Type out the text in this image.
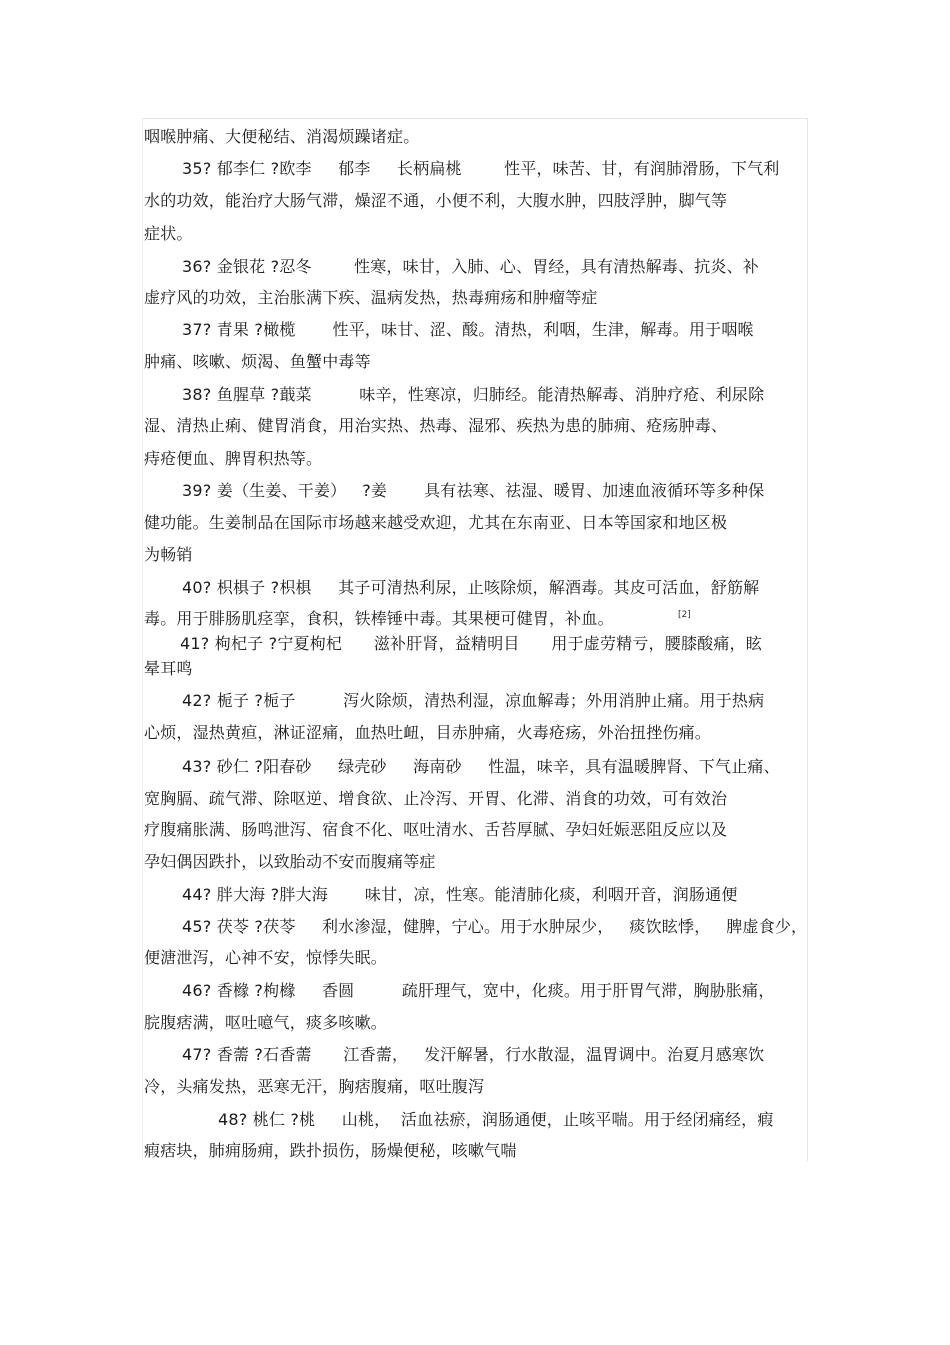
咽喉肿痛、大便秘结、消渴烦躁诸症。
35? 郁李仁 ?欧李     郁李     长柄扁桃        性平，味苦、甘，有润肺滑肠，下气利
水的功效，能治疗大肠气滞，燥涩不通，小便不利，大腹水肿，四肢浮肿，脚气等
症状。
36? 金银花 ?忍冬        性寒，味甘，入肺、心、胃经，具有清热解毒、抗炎、补
虚疗风的功效，主治胀满下疾、温病发热，热毒痈疡和肿瘤等症
37? 青果 ?橄榄       性平，味甘、涩、酸。清热，利咽，生津，解毒。用于咽喉
肿痛、咳嗽、烦渴、鱼蟹中毒等
38? 鱼腥草 ?蕺菜         味辛，性寒凉，归肺经。能清热解毒、消肿疗疮、利尿除
湿、清热止痢、健胃消食，用治实热、热毒、湿邪、疾热为患的肺痈、疮疡肿毒、
痔疮便血、脾胃积热等。
39? 姜（生姜、干姜）   ?姜       具有祛寒、祛湿、暖胃、加速血液循环等多种保
健功能。生姜制品在国际市场越来越受欢迎，尤其在东南亚、日本等国家和地区极
为畅销
40? 枳椇子 ?枳椇     其子可清热利尿，止咳除烦，解酒毒。其皮可活血，舒筋解
毒。用于腓肠肌痉挛，食积，铁棒锤中毒。其果梗可健胃，补血。	[2]
41? 枸杞子 ?宁夏枸杞      滋补肝肾，益精明目      用于虚劳精亏，腰膝酸痛，眩
晕耳鸣
42? 栀子 ?栀子         泻火除烦，清热利湿，凉血解毒；外用消肿止痛。用于热病
心烦，湿热黄疸，淋证涩痛，血热吐衄，目赤肿痛，火毒疮疡，外治扭挫伤痛。
43? 砂仁 ?阳春砂     绿壳砂     海南砂     性温，味辛，具有温暖脾肾、下气止痛、
宽胸膈、疏气滞、除呕逆、增食欲、止冷泻、开胃、化滞、消食的功效，可有效治
疗腹痛胀满、肠鸣泄泻、宿食不化、呕吐清水、舌苔厚腻、孕妇妊娠恶阻反应以及
孕妇偶因跌扑，以致胎动不安而腹痛等症
44? 胖大海 ?胖大海       味甘，凉，性寒。能清肺化痰，利咽开音，润肠通便
45? 茯苓 ?茯苓     利水渗湿，健脾，宁心。用于水肿尿少，   痰饮眩悸，   脾虚食少，
便溏泄泻，心神不安，惊悸失眠。
46? 香橼 ?枸橼     香圆         疏肝理气，宽中，化痰。用于肝胃气滞，胸胁胀痛，
脘腹痞满，呕吐噫气，痰多咳嗽。
47? 香薷 ?石香薷      江香薷，   发汗解暑，行水散湿，温胃调中。治夏月感寒饮
冷，头痛发热，恶寒无汗，胸痞腹痛，呕吐腹泻
48? 桃仁 ?桃     山桃，  活血祛瘀，润肠通便，止咳平喘。用于经闭痛经，瘕
瘕痞块，肺痈肠痈，跌扑损伤，肠燥便秘，咳嗽气喘
